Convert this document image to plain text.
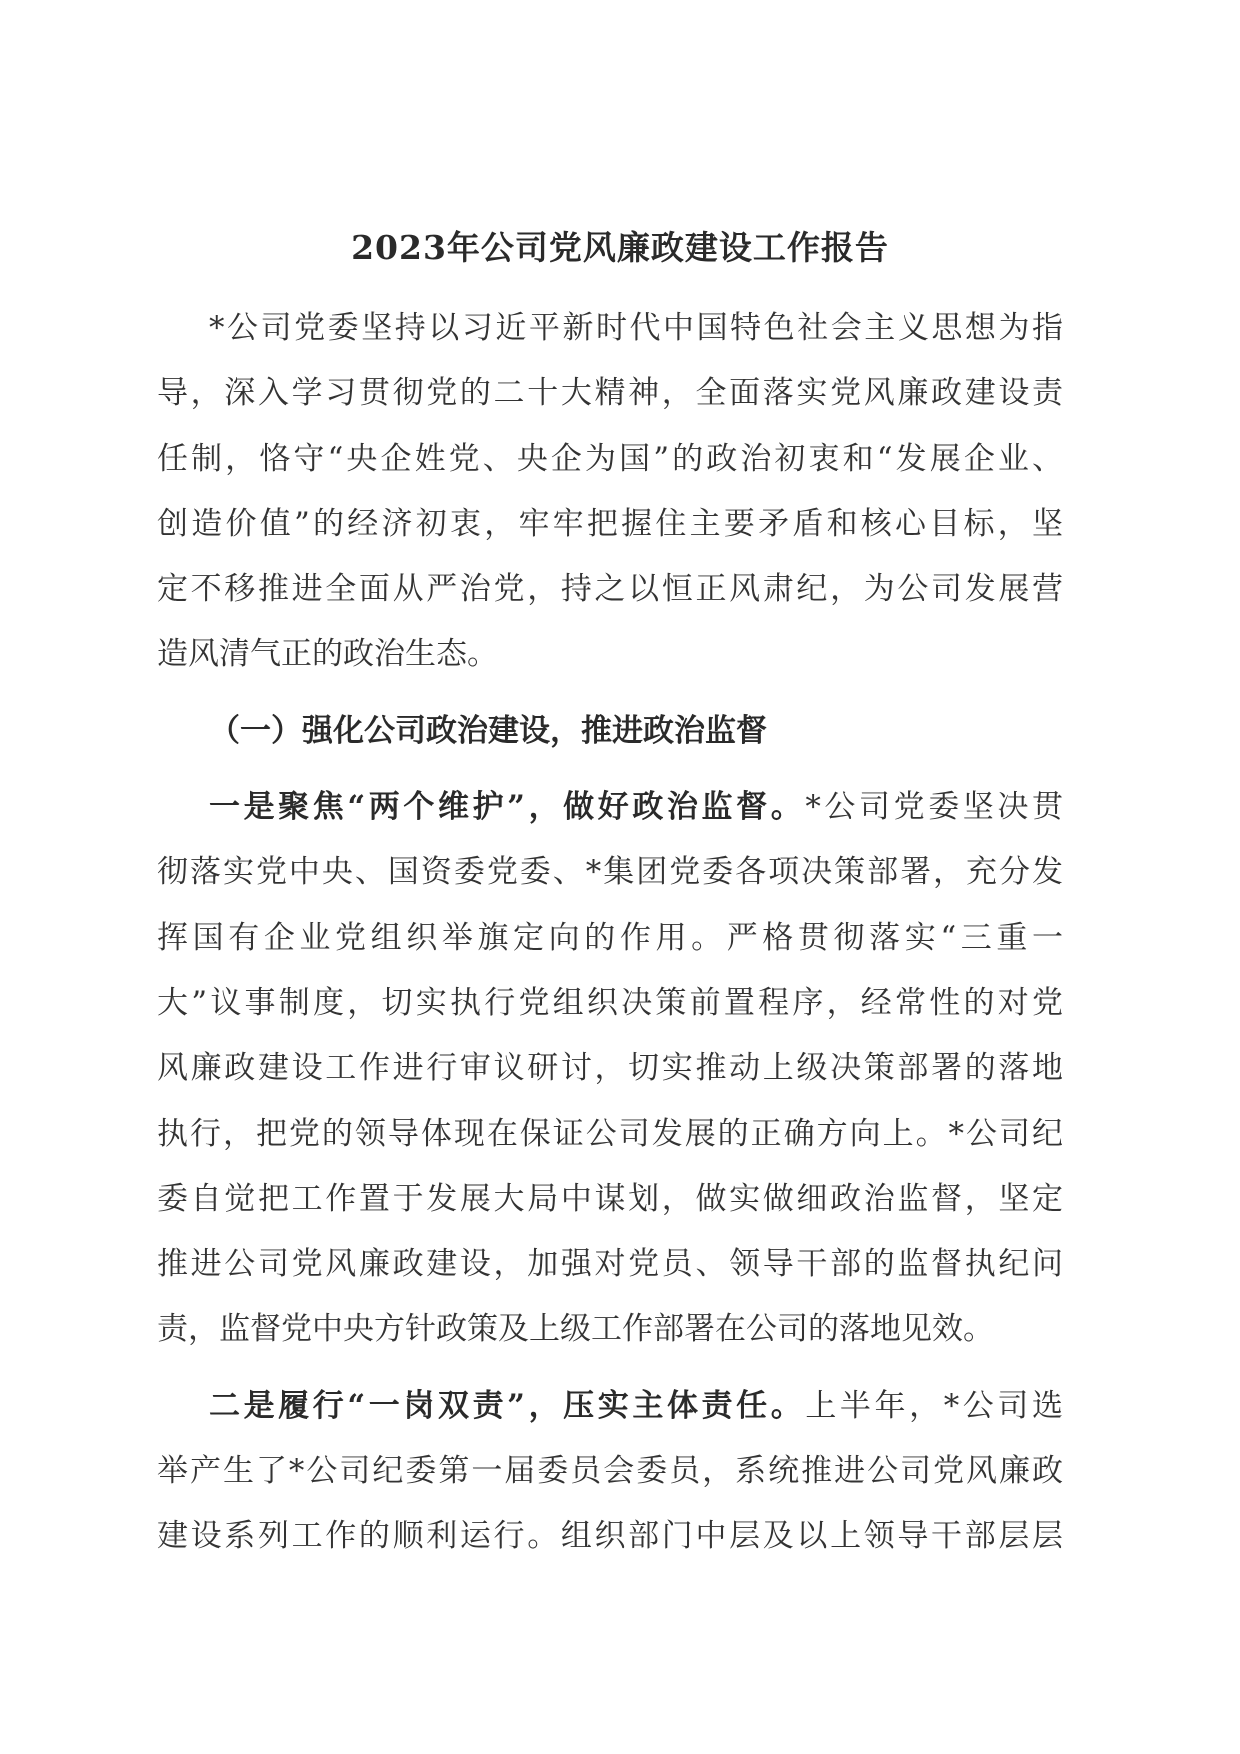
2023年公司党风廉政建设工作报告
*公司党委坚持以习近平新时代中国特色社会主义思想为指
导，深入学习贯彻党的二十大精神，全面落实党风廉政建设责
任制，恪守“央企姓党、央企为国”的政治初衷和“发展企业、
创造价值”的经济初衷，牢牢把握住主要矛盾和核心目标，坚
定不移推进全面从严治党，持之以恒正风肃纪，为公司发展营
造风清气正的政治生态。
（一）强化公司政治建设，推进政治监督
一是聚焦“两个维护”，做好政治监督。*公司党委坚决贯
彻落实党中央、国资委党委、*集团党委各项决策部署，充分发
挥国有企业党组织举旗定向的作用。严格贯彻落实“三重一
大”议事制度，切实执行党组织决策前置程序，经常性的对党
风廉政建设工作进行审议研讨，切实推动上级决策部署的落地
执行，把党的领导体现在保证公司发展的正确方向上。*公司纪
委自觉把工作置于发展大局中谋划，做实做细政治监督，坚定
推进公司党风廉政建设，加强对党员、领导干部的监督执纪问
责，监督党中央方针政策及上级工作部署在公司的落地见效。
二是履行“一岗双责”，压实主体责任。上半年，*公司选
举产生了*公司纪委第一届委员会委员，系统推进公司党风廉政
建设系列工作的顺利运行。组织部门中层及以上领导干部层层
